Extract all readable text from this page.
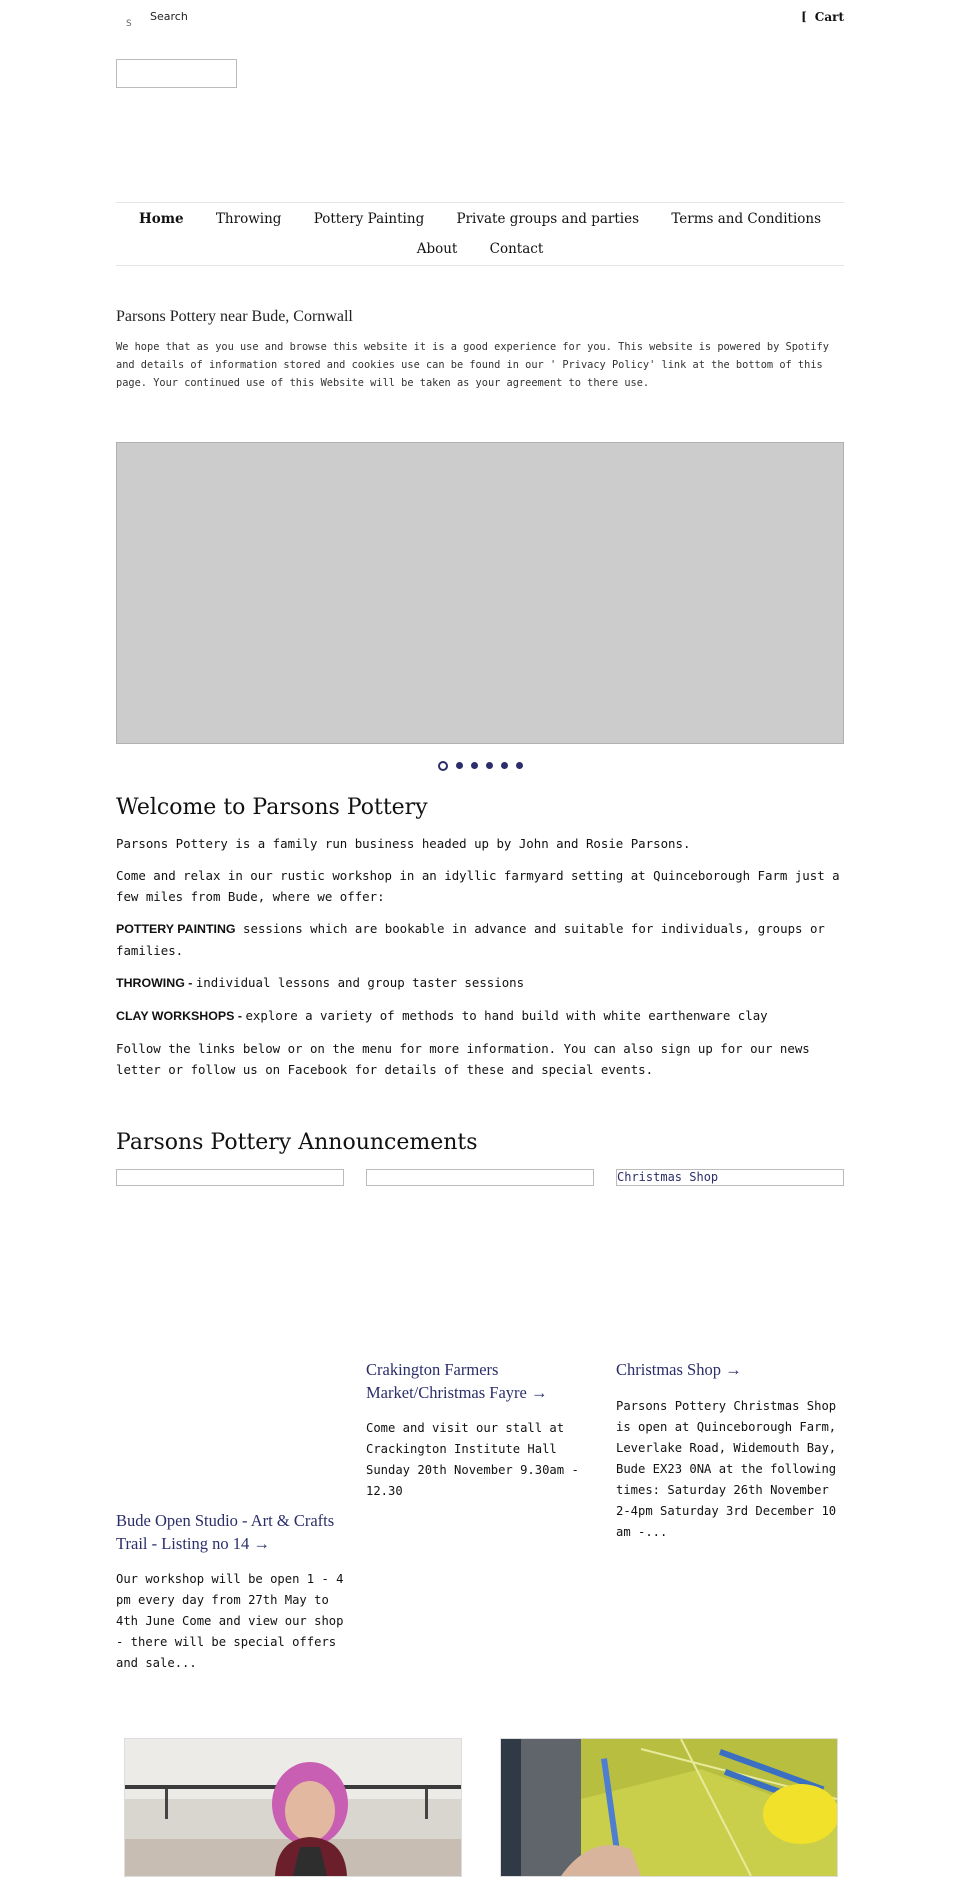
S
Search	[ Cart
Home Throwing Pottery Painting Private groups and parties Terms and Conditions
About Contact
Parsons Pottery near Bude, Cornwall
We hope that as you use and browse this website it is a good experience for you. This website is powered by Spotify and details of information stored and cookies use can be found in our ' Privacy Policy' link at the bottom of this page. Your continued use of this Website will be taken as your agreement to there use.
Welcome to Parsons Pottery

Parsons Pottery is a family run business headed up by John and Rosie Parsons.

Come and relax in our rustic workshop in an idyllic farmyard setting at Quinceborough Farm just a few miles from Bude, where we offer:

POTTERY PAINTING sessions which are bookable in advance and suitable for individuals, groups or families.

THROWING - individual lessons and group taster sessions

CLAY WORKSHOPS - explore a variety of methods to hand build with white earthenware clay

Follow the links below or on the menu for more information. You can also sign up for our news letter or follow us on Facebook for details of these and special events.

Parsons Pottery Announcements
Bude Open Studio - Art & Crafts Trail - Listing no 14 →
Our workshop will be open 1 - 4 pm every day from 27th May to 4th June Come and view our shop - there will be special offers and sale...
Crakington Farmers Market/Christmas Fayre →
Come and visit our stall at Crackington Institute Hall Sunday 20th November 9.30am - 12.30
Christmas Shop
Christmas Shop →
Parsons Pottery Christmas Shop is open at Quinceborough Farm, Leverlake Road, Widemouth Bay, Bude EX23 0NA at the following times: Saturday 26th November 2-4pm Saturday 3rd December 10 am -...
